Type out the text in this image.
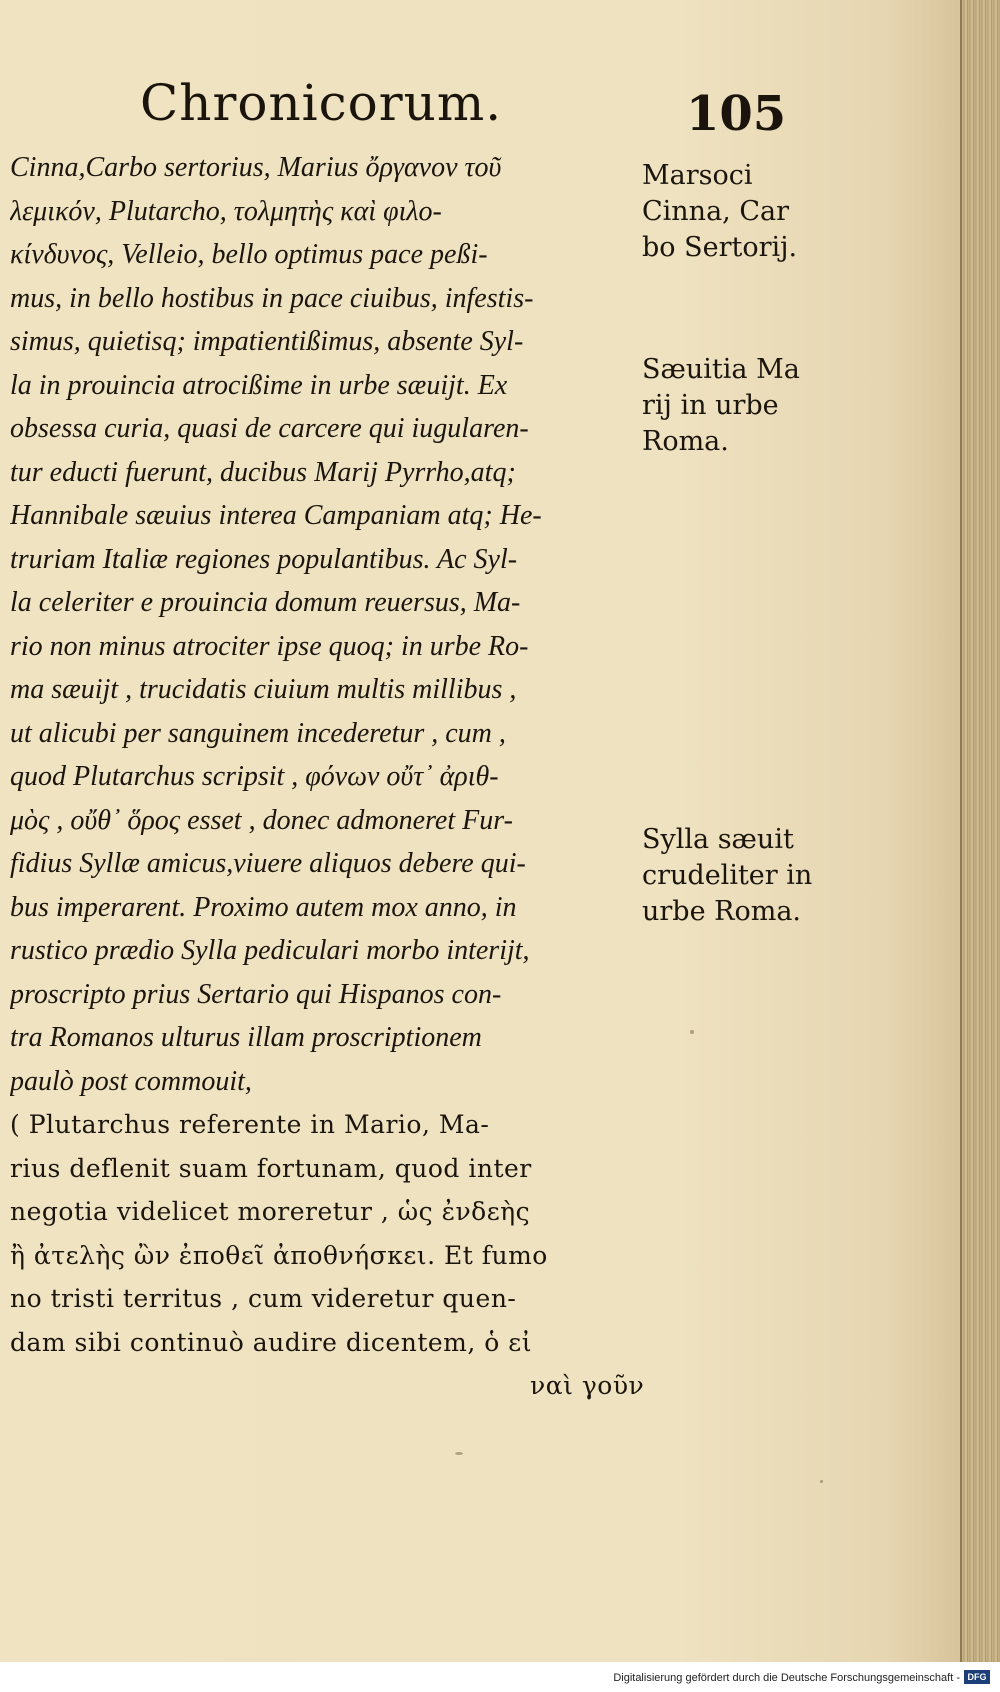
Chronicorum.	105
Cinna,Carbo sertorius, Marius ὄργανον τοῦ
λεμικόν, Plutarcho, τολμητὴς καὶ φιλο-
κίνδυνος, Velleio, bello optimus pace peßi-
mus, in bello hostibus in pace ciuibus, infestis-
simus, quietisq; impatientißimus, absente Syl-
la in prouincia atrocißime in urbe sæuijt. Ex
obsessa curia, quasi de carcere qui iugularen-
tur educti fuerunt, ducibus Marij Pyrrho,atq;
Hannibale sæuius interea Campaniam atq; He-
truriam Italiæ regiones populantibus. Ac Syl-
la celeriter e prouincia domum reuersus, Ma-
rio non minus atrociter ipse quoq; in urbe Ro-
ma sæuijt , trucidatis ciuium multis millibus ,
ut alicubi per sanguinem incederetur , cum ,
quod Plutarchus scripsit , φόνων οὔτ᾽ ἀριθ-
μὸς , οὔθ᾽ ὅρος esset , donec admoneret Fur-
fidius Syllæ amicus,viuere aliquos debere qui-
bus imperarent. Proximo autem mox anno, in
rustico prædio Sylla pediculari morbo interijt,
proscripto prius Sertario qui Hispanos con-
tra Romanos ulturus illam proscriptionem
paulò post commouit,
( Plutarchus referente in Mario, Ma-
rius deflenit suam fortunam, quod inter
negotia videlicet moreretur , ὡς ἐνδεὴς
ἢ ἀτελὴς ὢν ἐποθεῖ ἀποθνήσκει. Et fumo
no tristi territus , cum videretur quen-
dam sibi continuò audire dicentem, ὁ εἰ
ναὶ γοῦν
Marsoci
Cinna, Car
bo Sertorij.
Sæuitia Ma
rij in urbe
Roma.
Sylla sæuit
crudeliter in
urbe Roma.
Digitalisierung gefördert durch die Deutsche Forschungsgemeinschaft - DFG
